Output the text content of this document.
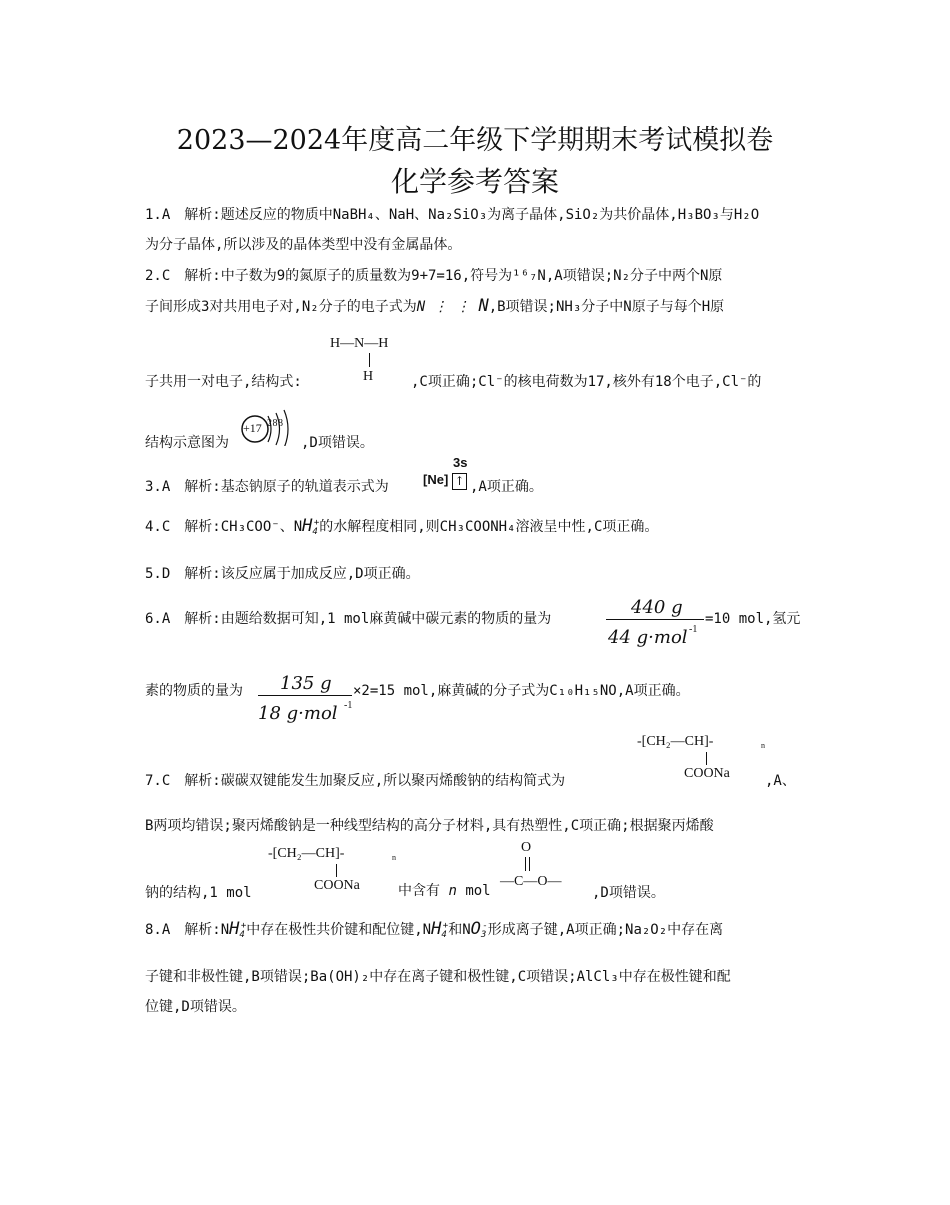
2023—2024年度高二年级下学期期末考试模拟卷
化学参考答案
1.A　解析:题述反应的物质中NaBH₄、NaH、Na₂SiO₃为离子晶体,SiO₂为共价晶体,H₃BO₃与H₂O
为分子晶体,所以涉及的晶体类型中没有金属晶体。
2.C　解析:中子数为9的氮原子的质量数为9+7=16,符号为¹⁶₇N,A项错误;N₂分子中两个N原
子间形成3对共用电子对,N₂分子的电子式为N ⋮ ⋮ N,B项错误;NH₃分子中N原子与每个H原
H—N—H
H
子共用一对电子,结构式:	,C项正确;Cl⁻的核电荷数为17,核外有18个电子,Cl⁻的
结构示意图为
+17 2 8 8
,D项错误。
3.A　解析:基态钠原子的轨道表示式为	[Ne]
3s
↑ ,A项正确。
4.C　解析:CH₃COO⁻、$NH_4^+$的水解程度相同,则CH₃COONH₄溶液呈中性,C项正确。
5.D　解析:该反应属于加成反应,D项正确。
6.A　解析:由题给数据可知,1 mol麻黄碱中碳元素的物质的量为
440 g
44 g·mol -1
=10 mol,氢元
素的物质的量为 135 g
18 g·mol -1
×2=15 mol,麻黄碱的分子式为C₁₀H₁₅NO,A项正确。
-[CH₂—CH]-	n
COONa
7.C　解析:碳碳双键能发生加聚反应,所以聚丙烯酸钠的结构简式为	,A、
B两项均错误;聚丙烯酸钠是一种线型结构的高分子材料,具有热塑性,C项正确;根据聚丙烯酸
-[CH₂—CH]-	n
COONa
钠的结构,1 mol	中含有 n mol
O
—C—O—
,D项错误。
8.A　解析$:NH_4^+$中存在极性共价键和配位键$,NH_4^+$和$NO_3^-$形成离子键,A项正确;Na₂O₂中存在离
子键和非极性键,B项错误;Ba(OH)₂中存在离子键和极性键,C项错误;AlCl₃中存在极性键和配
位键,D项错误。
